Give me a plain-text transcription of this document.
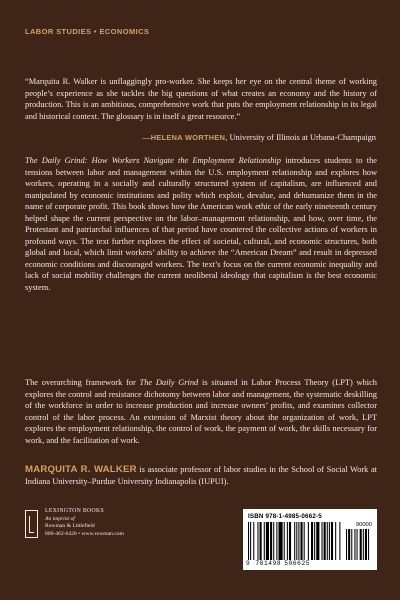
LABOR STUDIES • ECONOMICS

“Marquita R. Walker is unflaggingly pro-worker. She keeps her eye on the central theme of working people’s experience as she tackles the big questions of what creates an economy and the history of production. This is an ambitious, comprehensive work that puts the employment relationship in its legal and historical context. The glossary is in itself a great resource.”

—HELENA WORTHEN, University of Illinois at Urbana-Champaign

The Daily Grind: How Workers Navigate the Employment Relationship introduces students to the tensions between labor and management within the U.S. employment relationship and explores how workers, operating in a socially and culturally structured system of capitalism, are influenced and manipulated by economic institutions and polity which exploit, devalue, and dehumanize them in the name of corporate profit. This book shows how the American work ethic of the early nineteenth century helped shape the current perspective on the labor–management relationship, and how, over time, the Protestant and patriarchal influences of that period have countered the collective actions of workers in profound ways. The text further explores the effect of societal, cultural, and economic structures, both global and local, which limit workers’ ability to achieve the “American Dream” and result in depressed economic conditions and discouraged workers. The text’s focus on the current economic inequality and lack of social mobility challenges the current neoliberal ideology that capitalism is the best economic system.

The overarching framework for The Daily Grind is situated in Labor Process Theory (LPT) which explores the control and resistance dichotomy between labor and management, the systematic deskilling of the workforce in order to increase production and increase owners’ profits, and examines collector control of the labor process. An extension of Marxist theory about the organization of work, LPT explores the employment relationship, the control of work, the payment of work, the skills necessary for work, and the facilitation of work.

MARQUITA R. WALKER is associate professor of labor studies in the School of Social Work at Indiana University–Purdue University Indianapolis (IUPUI).

LEXINGTON BOOKS
An imprint of
Rowman & Littlefield
800-462-6420 • www.rowman.com
ISBN 978-1-4985-0662-5
90000
9 781498 506625
